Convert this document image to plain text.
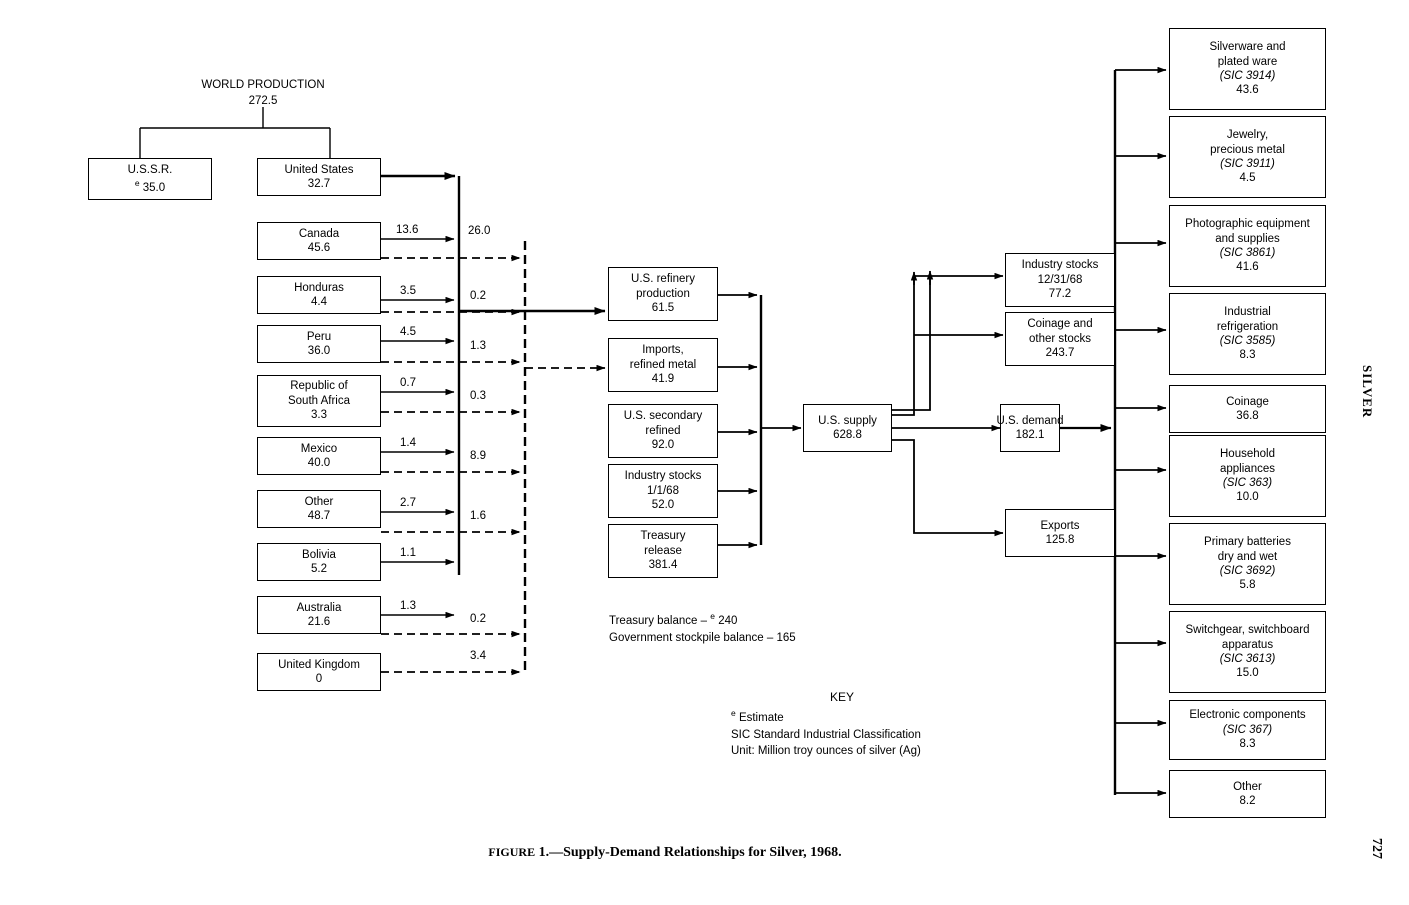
WORLD PRODUCTION
272.5
U.S.S.R.
$^e$ 35.0
United States
32.7
Canada
45.6
Honduras
4.4
Peru
36.0
Republic of
South Africa
3.3
Mexico
40.0
Other
48.7
Bolivia
5.2
Australia
21.6
United Kingdom
0
13.6
3.5
4.5
0.7
1.4
2.7
1.1
1.3
26.0
0.2
1.3
0.3
8.9
1.6
0.2
3.4
U.S. refinery
production
61.5
Imports,
refined metal
41.9
U.S. secondary
refined
92.0
Industry stocks
1/1/68
52.0
Treasury
release
381.4
U.S. supply
628.8
Industry stocks
12/31/68
77.2
Coinage and
other stocks
243.7
Exports
125.8
U.S. demand
182.1
Silverware and
plated ware
(SIC 3914)
43.6
Jewelry,
precious metal
(SIC 3911)
4.5
Photographic equipment
and supplies
(SIC 3861)
41.6
Industrial
refrigeration
(SIC 3585)
8.3
Coinage
36.8
Household
appliances
(SIC 363)
10.0
Primary batteries
dry and wet
(SIC 3692)
5.8
Switchgear, switchboard
apparatus
(SIC 3613)
15.0
Electronic components
(SIC 367)
8.3
Other
8.2
Treasury balance – $^e$ 240
Government stockpile balance – 165
KEY
$^e$ Estimate
SIC Standard Industrial Classification
Unit: Million troy ounces of silver (Ag)
FIGURE 1.—Supply-Demand Relationships for Silver, 1968.
SILVER
727
